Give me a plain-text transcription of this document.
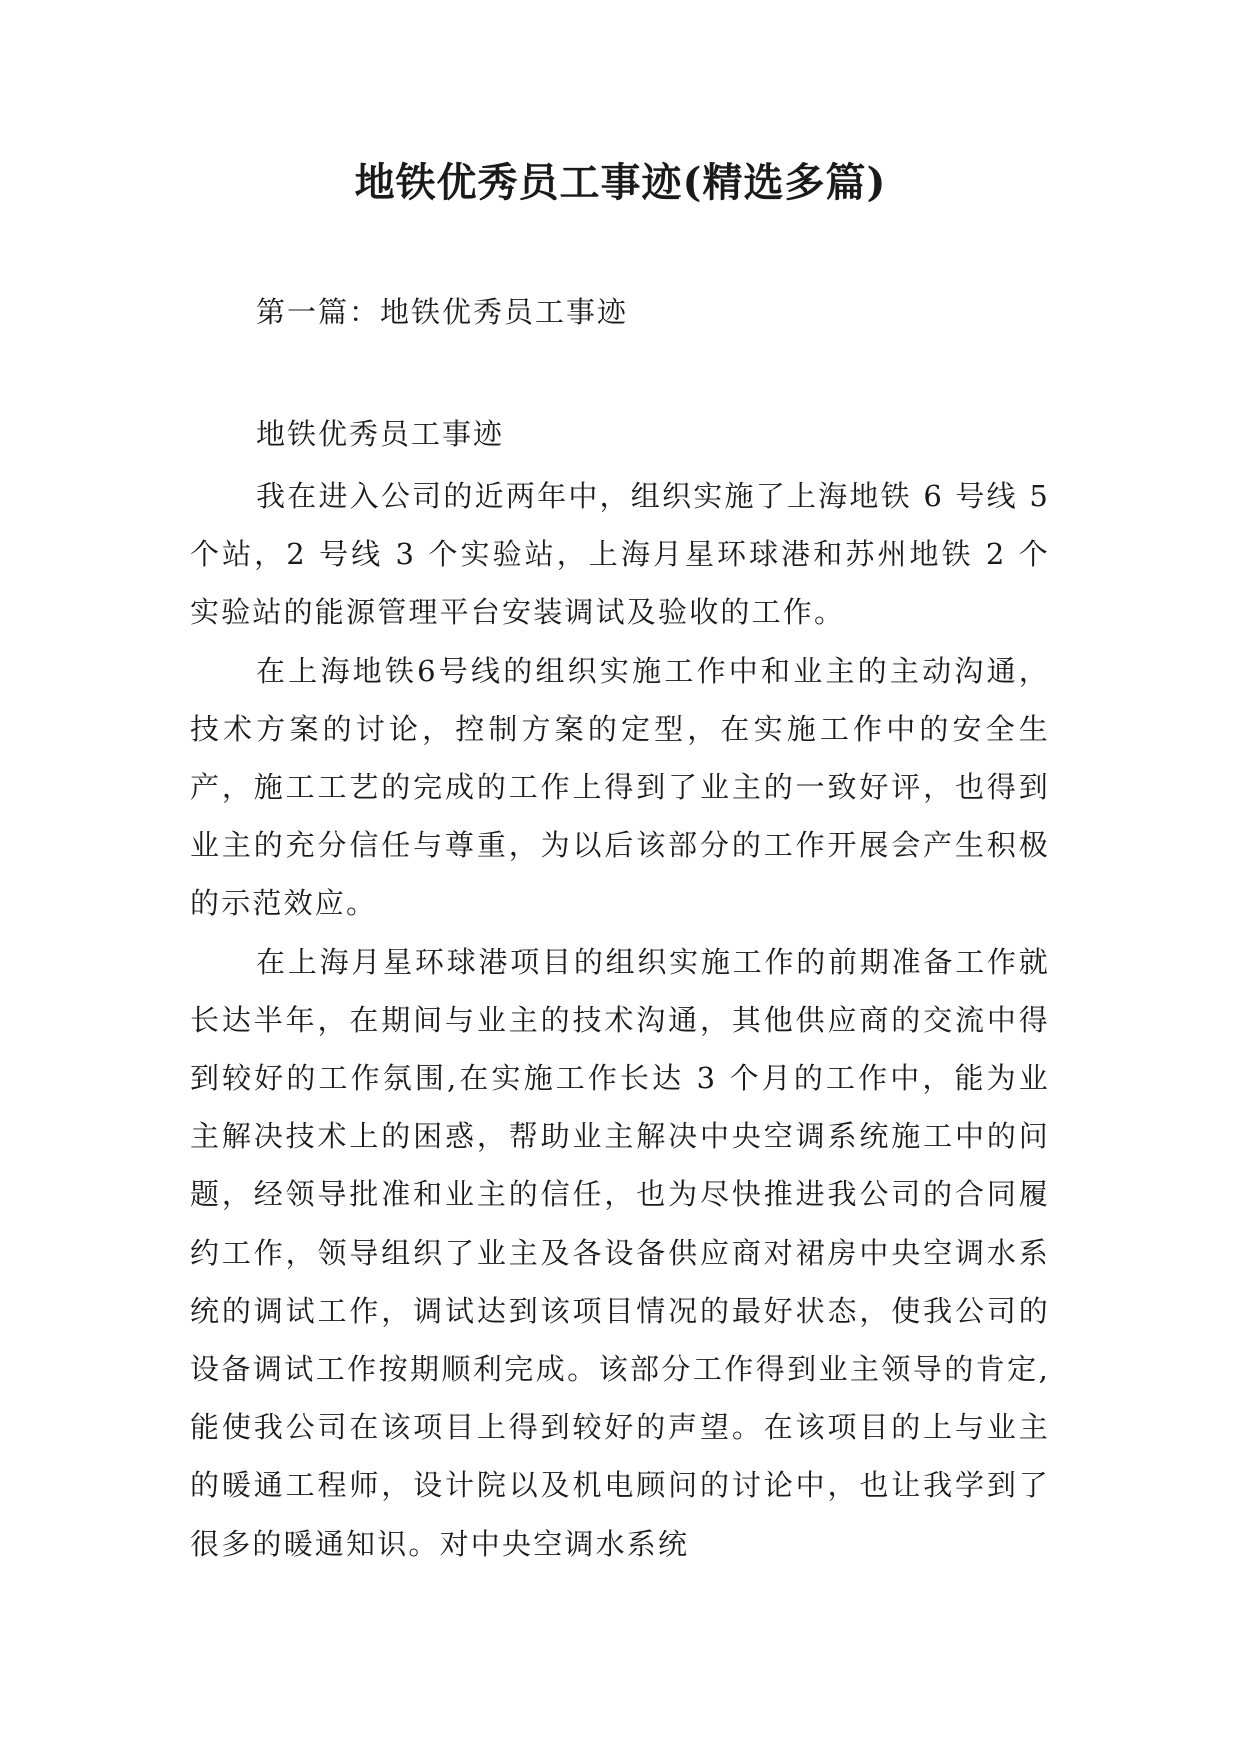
地铁优秀员工事迹(精选多篇)
第一篇：地铁优秀员工事迹
地铁优秀员工事迹

我在进入公司的近两年中，组织实施了上海地铁 6 号线 5 个站，2 号线 3 个实验站，上海月星环球港和苏州地铁 2 个实验站的能源管理平台安装调试及验收的工作。

在上海地铁6号线的组织实施工作中和业主的主动沟通，技术方案的讨论，控制方案的定型，在实施工作中的安全生产，施工工艺的完成的工作上得到了业主的一致好评，也得到业主的充分信任与尊重，为以后该部分的工作开展会产生积极的示范效应。

在上海月星环球港项目的组织实施工作的前期准备工作就长达半年，在期间与业主的技术沟通，其他供应商的交流中得到较好的工作氛围,在实施工作长达 3 个月的工作中，能为业主解决技术上的困惑，帮助业主解决中央空调系统施工中的问题，经领导批准和业主的信任，也为尽快推进我公司的合同履约工作，领导组织了业主及各设备供应商对裙房中央空调水系统的调试工作，调试达到该项目情况的最好状态，使我公司的设备调试工作按期顺利完成。该部分工作得到业主领导的肯定,能使我公司在该项目上得到较好的声望。在该项目的上与业主的暖通工程师，设计院以及机电顾问的讨论中，也让我学到了很多的暖通知识。对中央空调水系统
